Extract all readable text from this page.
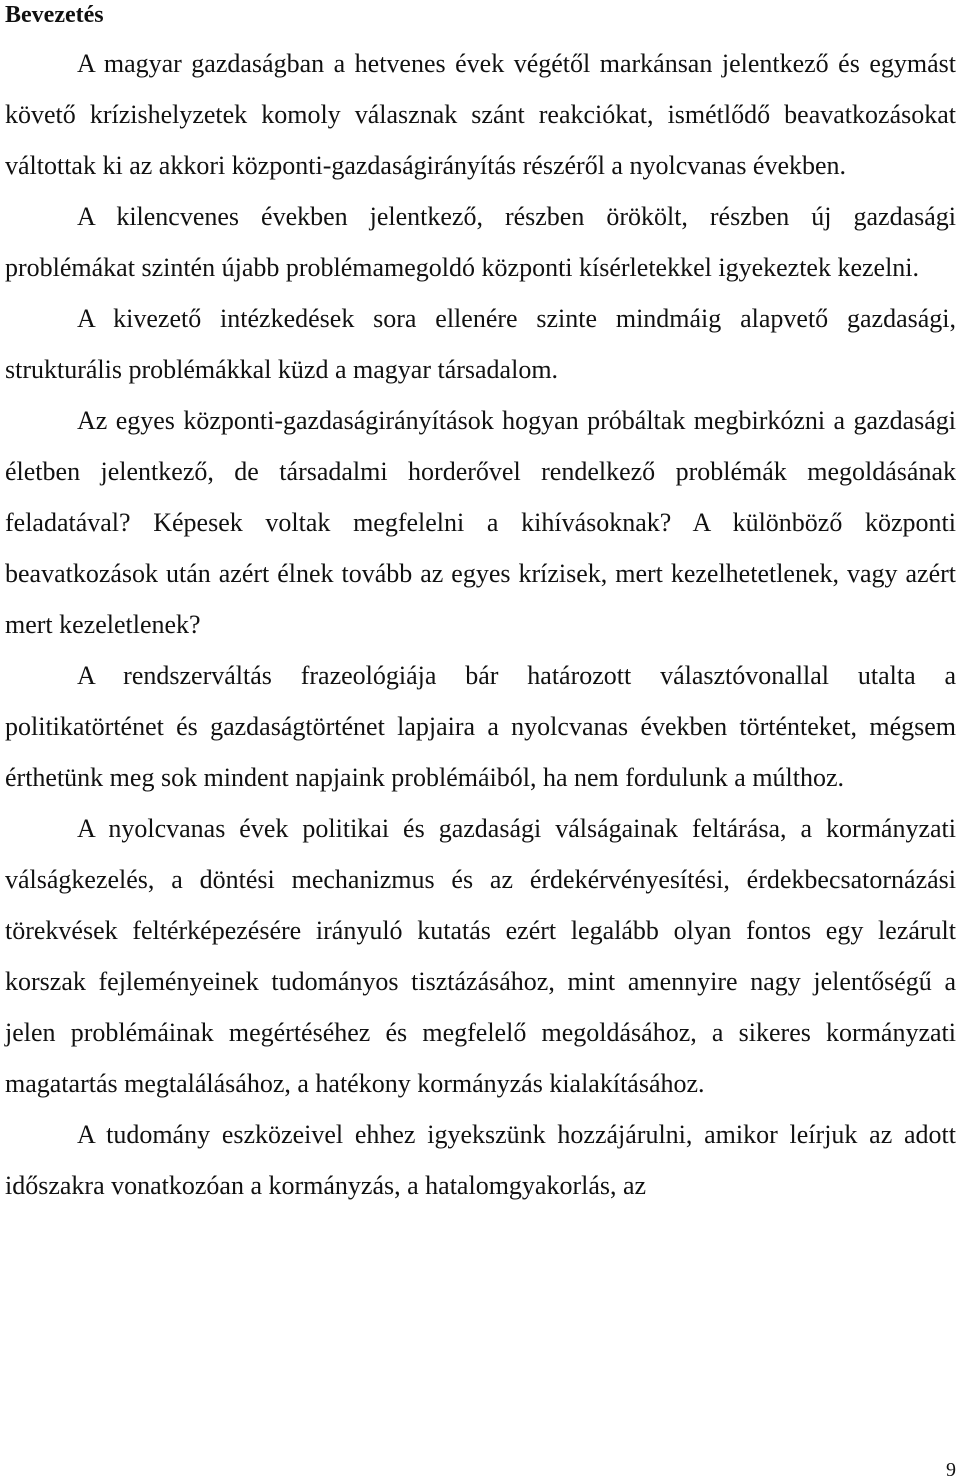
Bevezetés

A magyar gazdaságban a hetvenes évek végétől markánsan jelentkező és egymást követő krízishelyzetek komoly válasznak szánt reakciókat, ismétlődő beavatkozásokat váltottak ki az akkori központi-gazdaságirányítás részéről a nyolcvanas években.

A kilencvenes években jelentkező, részben örökölt, részben új gazdasági problémákat szintén újabb problémamegoldó központi kísérletekkel igyekeztek kezelni.

A kivezető intézkedések sora ellenére szinte mindmáig alapvető gazdasági, strukturális problémákkal küzd a magyar társadalom.

Az egyes központi-gazdaságirányítások hogyan próbáltak megbirkózni a gazdasági életben jelentkező, de társadalmi horderővel rendelkező problémák megoldásának feladatával? Képesek voltak megfelelni a kihívásoknak? A különböző központi beavatkozások után azért élnek tovább az egyes krízisek, mert kezelhetetlenek, vagy azért mert kezeletlenek?

A rendszerváltás frazeológiája bár határozott választóvonallal utalta a politikatörténet és gazdaságtörténet lapjaira a nyolcvanas években történteket, mégsem érthetünk meg sok mindent napjaink problémáiból, ha nem fordulunk a múlthoz.

A nyolcvanas évek politikai és gazdasági válságainak feltárása, a kormányzati válságkezelés, a döntési mechanizmus és az érdekérvényesítési, érdekbecsatornázási törekvések feltérképezésére irányuló kutatás ezért legalább olyan fontos egy lezárult korszak fejleményeinek tudományos tisztázásához, mint amennyire nagy jelentőségű a jelen problémáinak megértéséhez és megfelelő megoldásához, a sikeres kormányzati magatartás megtalálásához, a hatékony kormányzás kialakításához.

A tudomány eszközeivel ehhez igyekszünk hozzájárulni, amikor leírjuk az adott időszakra vonatkozóan a kormányzás, a hatalomgyakorlás, az

9
